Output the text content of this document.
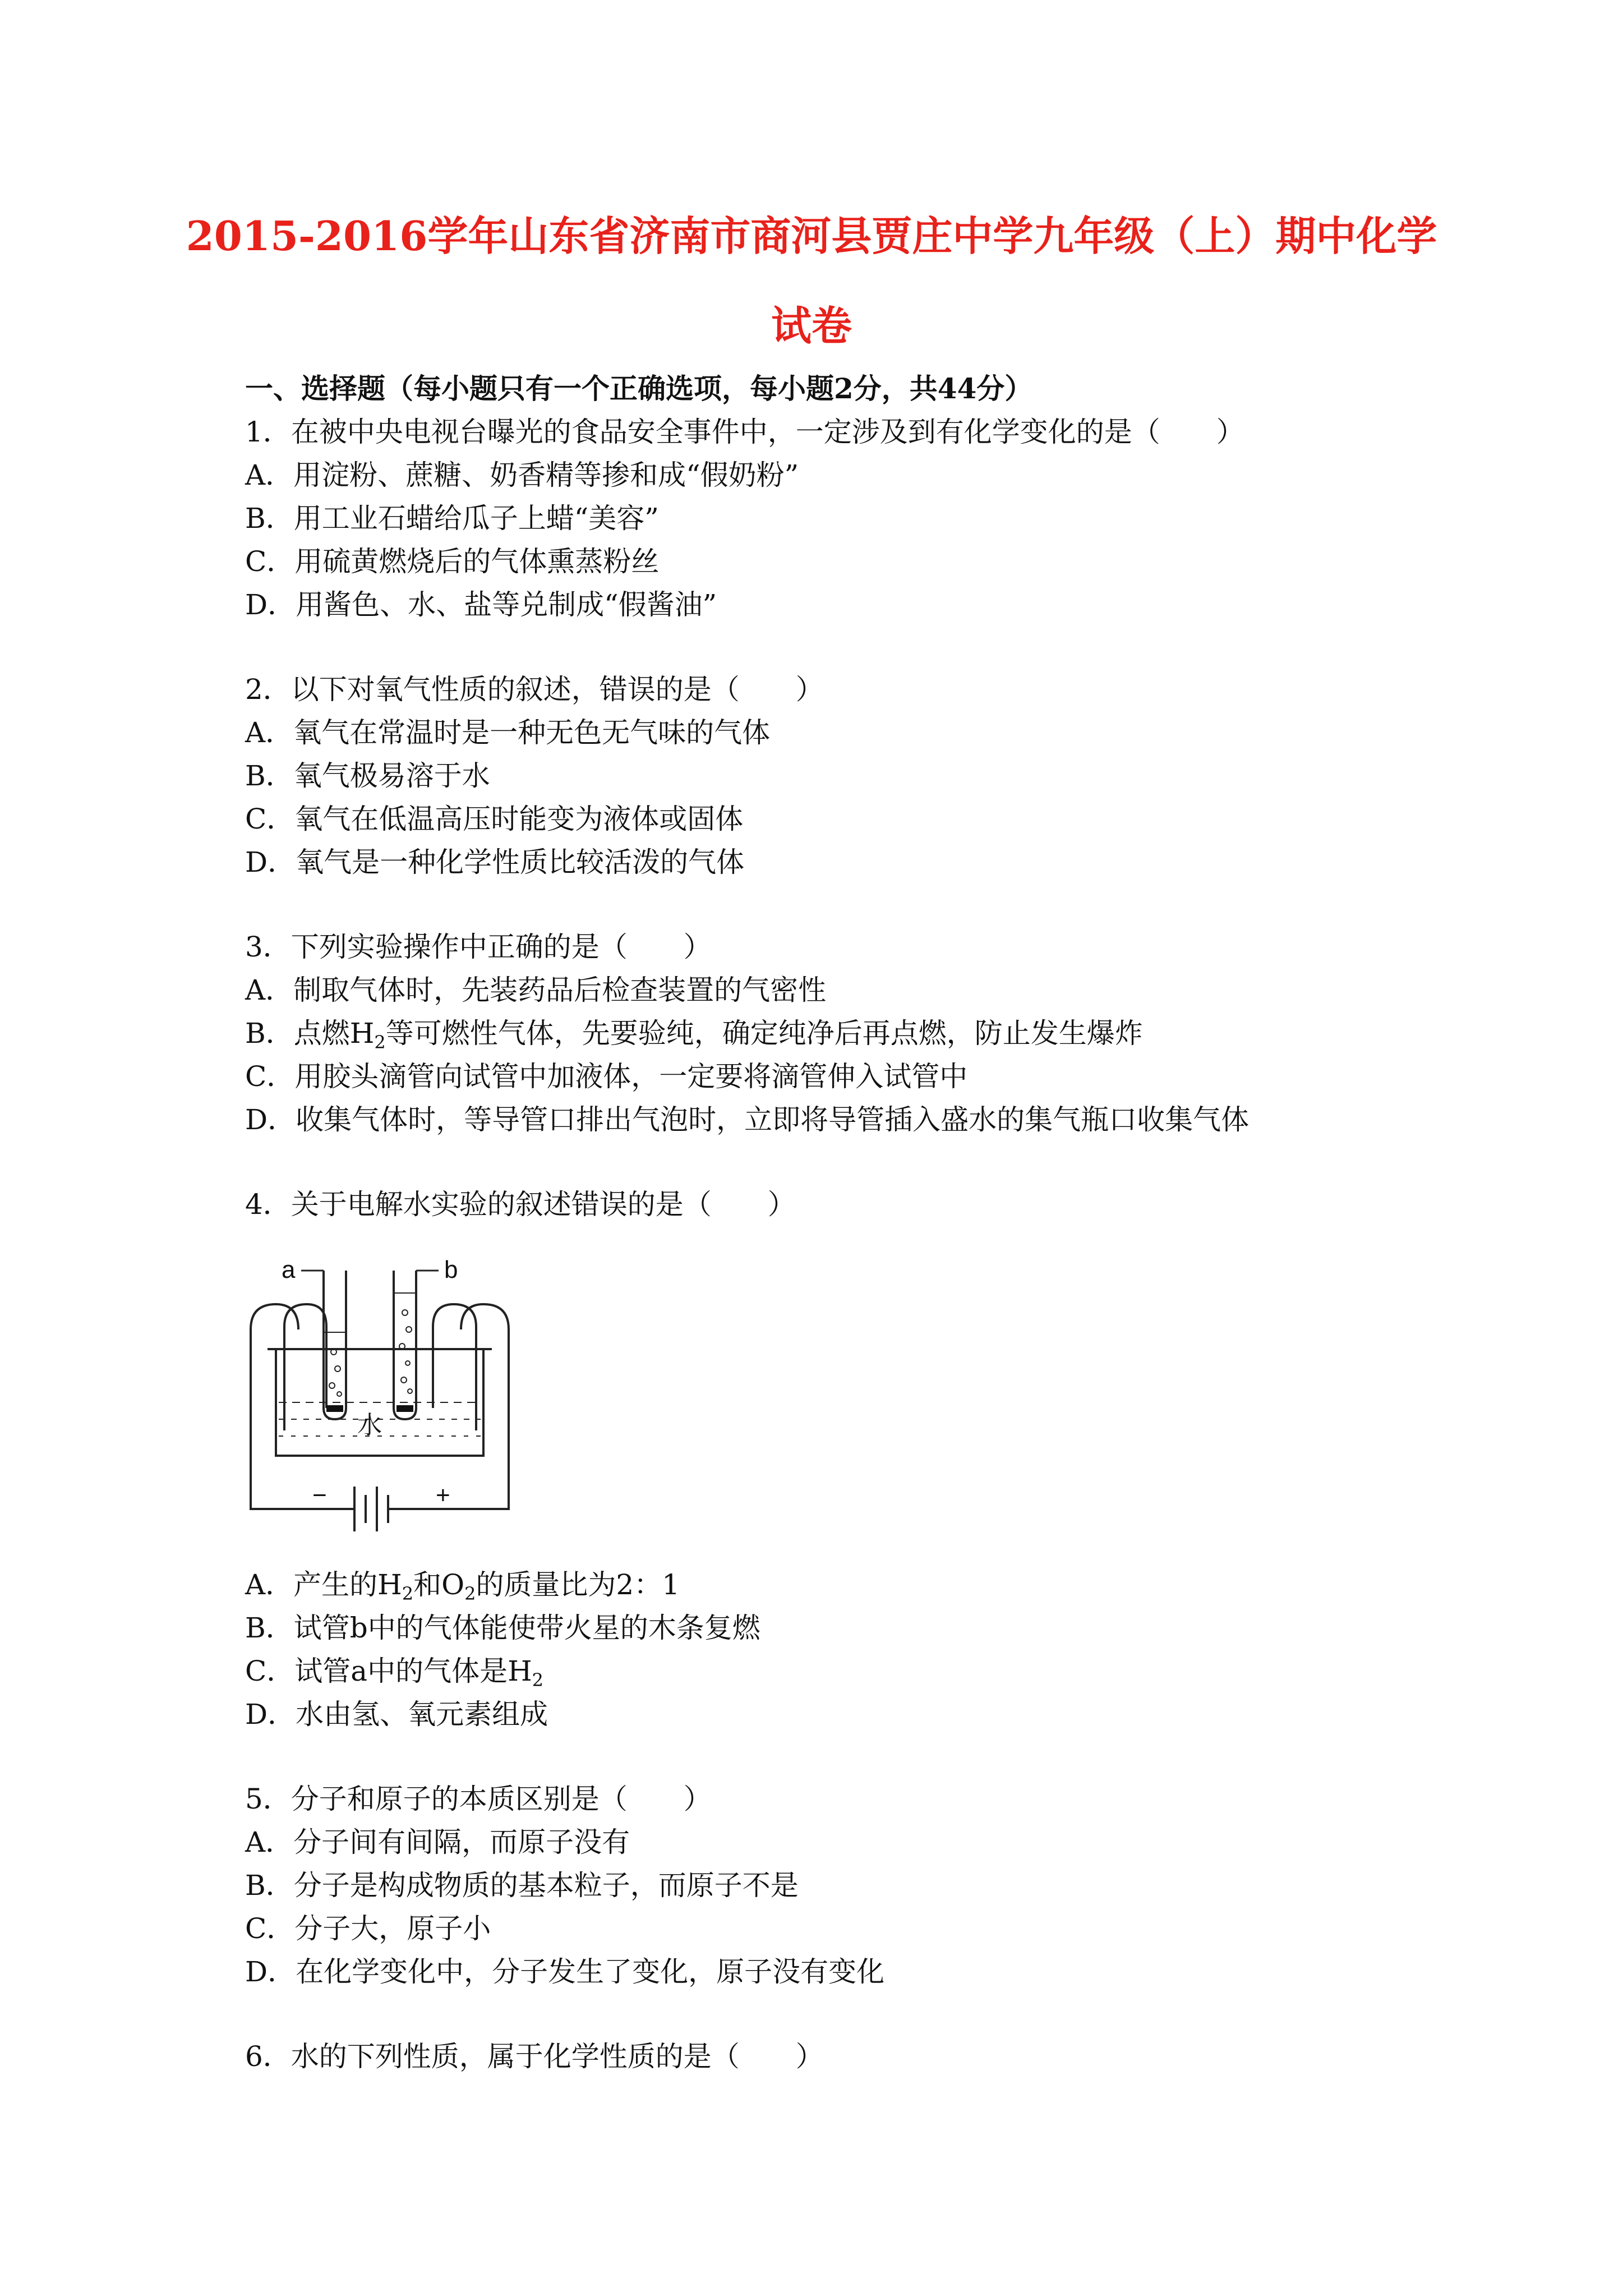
2015-2016学年山东省济南市商河县贾庄中学九年级（上）期中化学
试卷
一、选择题（每小题只有一个正确选项，每小题2分，共44分）
1．在被中央电视台曝光的食品安全事件中，一定涉及到有化学变化的是（　　）
A．用淀粉、蔗糖、奶香精等掺和成“假奶粉”
B．用工业石蜡给瓜子上蜡“美容”
C．用硫黄燃烧后的气体熏蒸粉丝
D．用酱色、水、盐等兑制成“假酱油”
2．以下对氧气性质的叙述，错误的是（　　）
A．氧气在常温时是一种无色无气味的气体
B．氧气极易溶于水
C．氧气在低温高压时能变为液体或固体
D．氧气是一种化学性质比较活泼的气体
3．下列实验操作中正确的是（　　）
A．制取气体时，先装药品后检查装置的气密性
B．点燃$H_2$等可燃性气体，先要验纯，确定纯净后再点燃，防止发生爆炸
C．用胶头滴管向试管中加液体，一定要将滴管伸入试管中
D．收集气体时，等导管口排出气泡时，立即将导管插入盛水的集气瓶口收集气体
4．关于电解水实验的叙述错误的是（　　）
a	b
水
−	+
A．产生的$H_2$和$O_2$的质量比为2：1
B．试管b中的气体能使带火星的木条复燃
C．试管a中的气体是$H_2$
D．水由氢、氧元素组成
5．分子和原子的本质区别是（　　）
A．分子间有间隔，而原子没有
B．分子是构成物质的基本粒子，而原子不是
C．分子大，原子小
D．在化学变化中，分子发生了变化，原子没有变化
6．水的下列性质，属于化学性质的是（　　）
